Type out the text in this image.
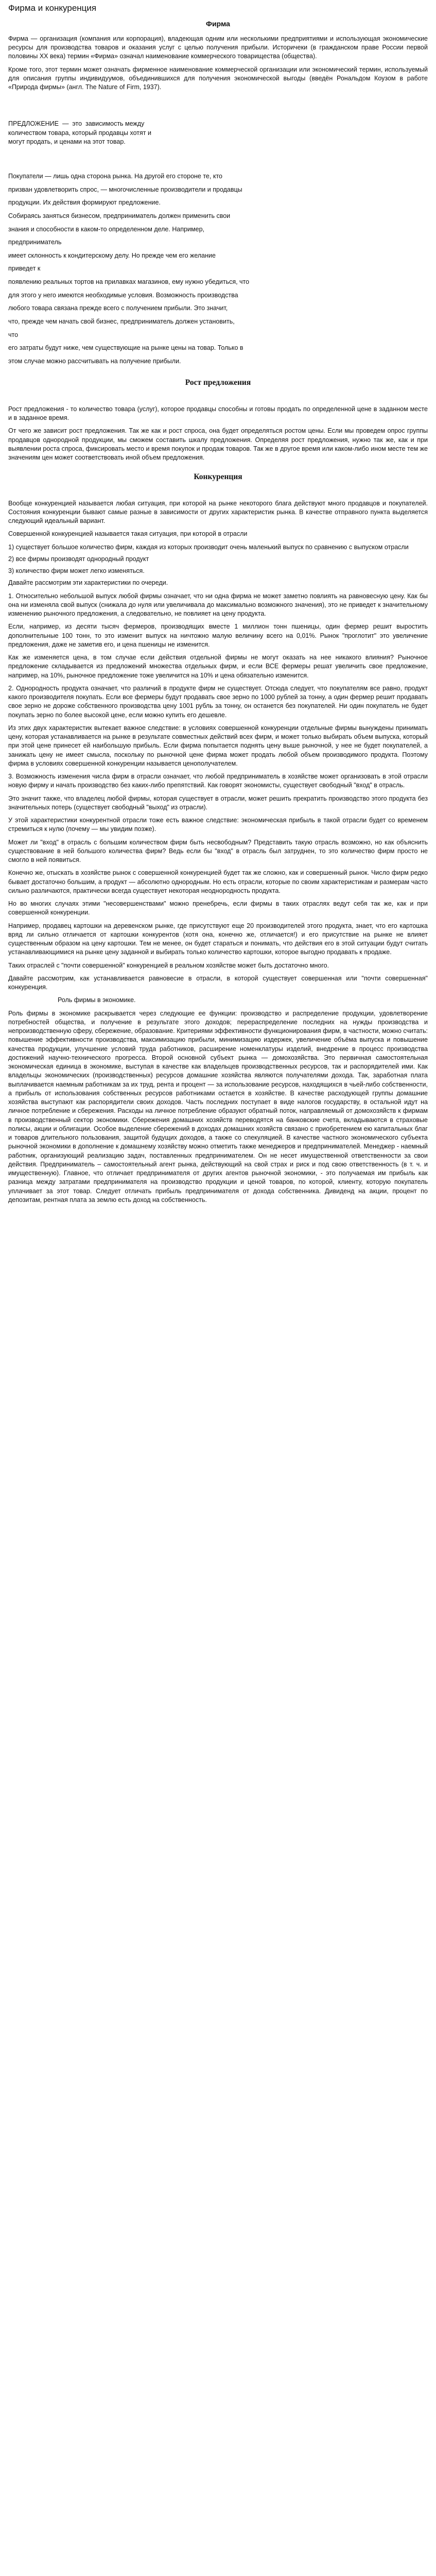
Фирма и конкуренция
Фирма

Фирма — организация (компания или корпорация), владеющая одним или несколькими предприятиями и использующая экономические ресурсы для производства товаров и оказания услуг с целью получения прибыли. Историчеки (в гражданском праве России первой половины XX века) термин «Фирма» означал наименование коммерческого товарищества (общества).

Кроме того, этот термин может означать фирменное наименование коммерческой организации или экономический термин, используемый для описания группы индивидуумов, объединившихся для получения экономической выгоды (введён Рональдом Коузом в работе «Природа фирмы» (англ. The Nature of Firm, 1937).

ПРЕДЛОЖЕНИЕ  —  это  зависимость между

количеством товара, который продавцы хотят и

могут продать, и ценами на этот товар.

Покупатели — лишь одна сторона рынка. На другой его стороне те, кто

призван удовлетворить спрос, — многочисленные производители и продавцы

продукции. Их действия формируют предложение.

Собираясь заняться бизнесом, предприниматель должен применить свои

знания и способности в каком-то определенном деле. Например,

предприниматель

имеет склонность к кондитерскому делу. Но прежде чем его желание

приведет к

появлению реальных тортов на прилавках магазинов, ему нужно убедиться, что

для этого у него имеются необходимые условия. Возможность производства

любого товара связана прежде всего с получением прибыли. Это значит,

что, прежде чем начать свой бизнес, предприниматель должен установить,

что

его затраты будут ниже, чем существующие на рынке цены на товар. Только в

этом случае можно рассчитывать на получение прибыли.

Рост предложения

Рост предложения - то количество товара (услуг), которое продавцы способны и готовы продать по определенной цене в заданном месте и в заданное время.

От чего же зависит рост предложения. Так же как и рост спроса, она будет определяться ростом цены. Если мы проведем опрос группы продавцов однородной продукции, мы сможем составить шкалу предложения. Определяя рост предложения, нужно так же, как и при выявлении роста спроса, фиксировать место и время покупок и продаж товаров. Так же в другое время или каком-либо ином месте тем же значениям цен может соответствовать иной объем предложения.

Конкуренция

Вообще конкуренцией называется любая ситуация, при которой на рынке некоторого блага действуют много продавцов и покупателей. Состояния конкуренции бывают самые разные в зависимости от других характеристик рынка. В качестве отправного пункта выделяется следующий идеальный вариант.

Совершенной конкуренцией называется такая ситуация, при которой в отрасли

1) существует большое количество фирм, каждая из которых производит очень маленький выпуск по сравнению с выпуском отрасли

2) все фирмы производят однородный продукт

3) количество фирм может легко изменяться.

Давайте рассмотрим эти характеристики по очереди.

1. Относительно небольшой выпуск любой фирмы означает, что ни одна фирма не может заметно повлиять на равновесную цену. Как бы она ни изменяла свой выпуск (снижала до нуля или увеличивала до максимально возможного значения), это не приведет к значительному изменению рыночного предложения, а следовательно, не повлияет на цену продукта.

Если, например, из десяти тысяч фермеров, производящих вместе 1 миллион тонн пшеницы, один фермер решит выростить дополнительные 100 тонн, то это изменит выпуск на ничтожно малую величину всего на 0,01%. Рынок "проглотит" это увеличение предложения, даже не заметив его, и цена пшеницы не изменится.

Как же изменяется цена, в том случае если действия отдельной фирмы не могут оказать на нее никакого влияния? Рыночное предложение складывается из предложений множества отдельных фирм, и если ВСЕ фермеры решат увеличить свое предложение, например, на 10%, рыночное предложение тоже увеличится на 10% и цена обязательно изменится.

2. Однородность продукта означает, что различий в продукте фирм не существует. Отсюда следует, что покупателям все равно, продукт какого производителя покупать. Если все фермеры будут продавать свое зерно по 1000 рублей за тонну, а один фермер решит продавать свое зерно не дороже собственного производства цену 1001 рубль за тонну, он останется без покупателей. Ни один покупатель не будет покупать зерно по более высокой цене, если можно купить его дешевле.

Из этих двух характеристик вытекает важное следствие: в условиях совершенной конкуренции отдельные фирмы вынуждены принимать цену, которая устанавливается на рынке в результате совместных действий всех фирм, и может только выбирать объем выпуска, который при этой цене принесет ей наибольшую прибыль. Если фирма попытается поднять цену выше рыночной, у нее не будет покупателей, а занижать цену не имеет смысла, поскольку по рыночной цене фирма может продать любой объем производимого продукта. Поэтому фирма в условиях совершенной конкуренции называется ценополучателем.

3. Возможность изменения числа фирм в отрасли означает, что любой предприниматель в хозяйстве может организовать в этой отрасли новую фирму и начать производство без каких-либо препятствий. Как говорят экономисты, существует свободный "вход" в отрасль.

Это значит также, что владелец любой фирмы, которая существует в отрасли, может решить прекратить производство этого продукта без значительных потерь (существует свободный "выход" из отрасли).

У этой характеристики конкурентной отрасли тоже есть важное следствие: экономическая прибыль в такой отрасли будет со временем стремиться к нулю (почему — мы увидим позже).

Может ли "вход" в отрасль с большим количеством фирм быть несвободным? Представить такую отрасль возможно, но как объяснить существование в ней большого количества фирм? Ведь если бы "вход" в отрасль был затруднен, то это количество фирм просто не смогло в ней появиться.

Конечно же, отыскать в хозяйстве рынок с совершенной конкуренцией будет так же сложно, как и совершенный рынок. Число фирм редко бывает достаточно большим, а продукт — абсолютно однородным. Но есть отрасли, которые по своим характеристикам и размерам часто сильно различаются, практически всегда существует некоторая неоднородность продукта.

Но во многих случаях этими "несовершенствами" можно пренебречь, если фирмы в таких отраслях ведут себя так же, как и при совершенной конкуренции.

Например, продавец картошки на деревенском рынке, где присутствуют еще 20 производителей этого продукта, знает, что его картошка вряд ли сильно отличается от картошки конкурентов (хотя она, конечно же, отличается!) и его присутствие на рынке не влияет существенным образом на цену картошки. Тем не менее, он будет стараться и понимать, что действия его в этой ситуации будут считать устанавливающимися на рынке цену заданной и выбирать только количество картошки, которое выгодно продавать к продаже.

Таких отраслей с "почти совершенной" конкуренцией в реальном хозяйстве может быть достаточно много.

Давайте рассмотрим, как устанавливается равновесие в отрасли, в которой существует совершенная или "почти совершенная" конкуренция.

Роль фирмы в экономике.

Роль фирмы в экономике раскрывается через следующие ее функции: производство и распределение продукции, удовлетворение потребностей общества, и получение в результате этого доходов; перераспределение последних на нужды производства и непроизводственную сферу, сбережение, образование. Критериями эффективности функционирования фирм, в частности, можно считать: повышение эффективности производства, максимизацию прибыли, минимизацию издержек, увеличение объёма выпуска и повышение качества продукции, улучшение условий труда работников, расширение номенклатуры изделий, внедрение в процесс производства достижений научно-технического прогресса. Второй основной субъект рынка — домохозяйства. Это первичная самостоятельная экономическая единица в экономике, выступая в качестве как владельцев производственных ресурсов, так и распорядителей ими. Как владельцы экономических (производственных) ресурсов домашние хозяйства являются получателями дохода. Так, заработная плата выплачивается наемным работникам за их труд, рента и процент — за использование ресурсов, находящихся в чьей-либо собственности, а прибыль от использования собственных ресурсов работниками остается в хозяйстве. В качестве расходующей группы домашние хозяйства выступают как распорядители своих доходов. Часть последних поступает в виде налогов государству, в остальной идут на личное потребление и сбережения. Расходы на личное потребление образуют обратный поток, направляемый от домохозяйств к фирмам в производственный сектор экономики. Сбережения домашних хозяйств переводятся на банковские счета, вкладываются в страховые полисы, акции и облигации. Особое выделение сбережений в доходах домашних хозяйств связано с приобретением ею капитальных благ и товаров длительного пользования, защитой будущих доходов, а также со спекуляцией. В качестве частного экономического субъекта рыночной экономики в дополнение к домашнему хозяйству можно отметить также менеджеров и предпринимателей. Менеджер - наемный работник, организующий реализацию задач, поставленных предпринимателем. Он не несет имущественной ответственности за свои действия. Предприниматель – самостоятельный агент рынка, действующий на свой страх и риск и под свою ответственность (в т. ч. и имущественную). Главное, что отличает предпринимателя от других агентов рыночной экономики, - это получаемая им прибыль как разница между затратами предпринимателя на производство продукции и ценой товаров, по которой, клиенту, которую покупатель уплачивает за этот товар. Следует отличать прибыль предпринимателя от дохода собственника. Дивиденд на акции, процент по депозитам, рентная плата за землю есть доход на собственность.
